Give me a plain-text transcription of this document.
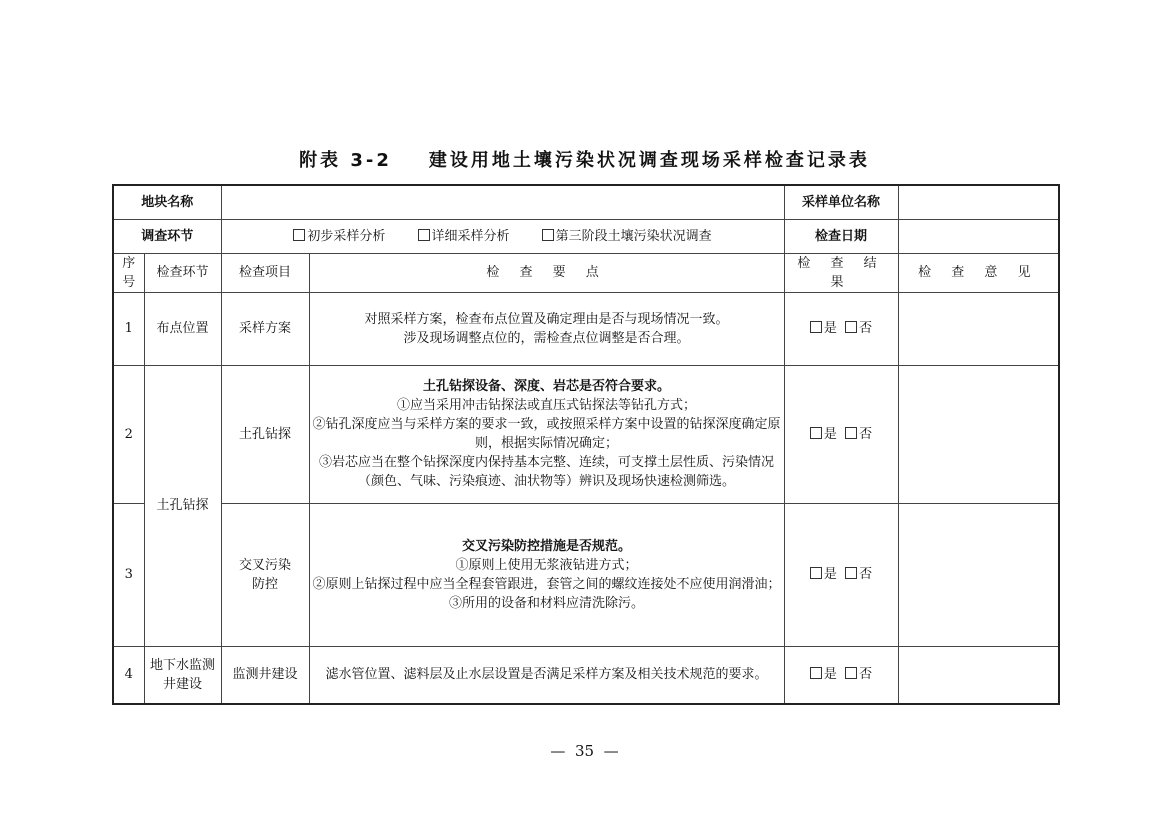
附表 3-2    建设用地土壤污染状况调查现场采样检查记录表
地块名称				采样单位名称	
调查环节		初步采样分析 详细采样分析 第三阶段土壤污染状况调查		检查日期	
序号	检查环节	检查项目	检 查 要 点	检 查 结 果	检 查 意 见
1	布点位置	采样方案	对照采样方案，检查布点位置及确定理由是否与现场情况一致。
涉及现场调整点位的，需检查点位调整是否合理。	是 否	
2	土孔钻探	土孔钻探	土孔钻探设备、深度、岩芯是否符合要求。
①应当采用冲击钻探法或直压式钻探法等钻孔方式；
②钻孔深度应当与采样方案的要求一致，或按照采样方案中设置的钻探深度确定原则，根据实际情况确定；
③岩芯应当在整个钻探深度内保持基本完整、连续，可支撑土层性质、污染情况（颜色、气味、污染痕迹、油状物等）辨识及现场快速检测筛选。	是 否	
3		交叉污染防控	交叉污染防控措施是否规范。
①原则上使用无浆液钻进方式；
②原则上钻探过程中应当全程套管跟进，套管之间的螺纹连接处不应使用润滑油；
③所用的设备和材料应清洗除污。	是 否	
4	地下水监测井建设	监测井建设	滤水管位置、滤料层及止水层设置是否满足采样方案及相关技术规范的要求。	是 否	
—  35  —
